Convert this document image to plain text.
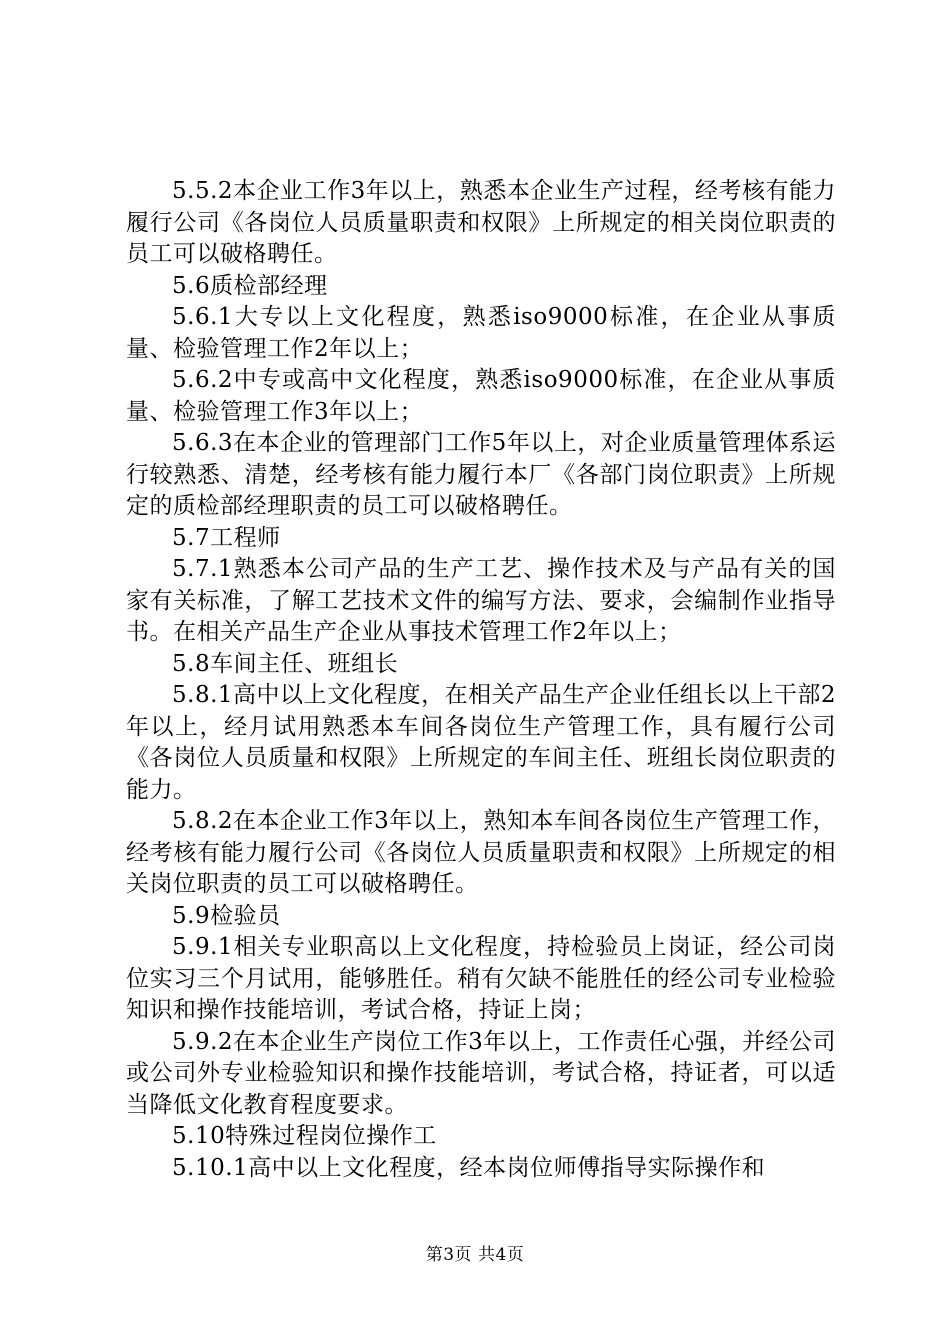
5.5.2本企业工作3年以上，熟悉本企业生产过程，经考核有能力履行公司《各岗位人员质量职责和权限》上所规定的相关岗位职责的员工可以破格聘任。

5.6质检部经理

5.6.1大专以上文化程度，熟悉iso9000标准，在企业从事质量、检验管理工作2年以上；

5.6.2中专或高中文化程度，熟悉iso9000标准，在企业从事质量、检验管理工作3年以上；

5.6.3在本企业的管理部门工作5年以上，对企业质量管理体系运行较熟悉、清楚，经考核有能力履行本厂《各部门岗位职责》上所规定的质检部经理职责的员工可以破格聘任。

5.7工程师

5.7.1熟悉本公司产品的生产工艺、操作技术及与产品有关的国家有关标准，了解工艺技术文件的编写方法、要求，会编制作业指导书。在相关产品生产企业从事技术管理工作2年以上；

5.8车间主任、班组长

5.8.1高中以上文化程度，在相关产品生产企业任组长以上干部2年以上，经月试用熟悉本车间各岗位生产管理工作，具有履行公司《各岗位人员质量和权限》上所规定的车间主任、班组长岗位职责的能力。

5.8.2在本企业工作3年以上，熟知本车间各岗位生产管理工作，经考核有能力履行公司《各岗位人员质量职责和权限》上所规定的相关岗位职责的员工可以破格聘任。

5.9检验员

5.9.1相关专业职高以上文化程度，持检验员上岗证，经公司岗位实习三个月试用，能够胜任。稍有欠缺不能胜任的经公司专业检验知识和操作技能培训，考试合格，持证上岗；

5.9.2在本企业生产岗位工作3年以上，工作责任心强，并经公司或公司外专业检验知识和操作技能培训，考试合格，持证者，可以适当降低文化教育程度要求。

5.10特殊过程岗位操作工

5.10.1高中以上文化程度，经本岗位师傅指导实际操作和

第3页 共4页
